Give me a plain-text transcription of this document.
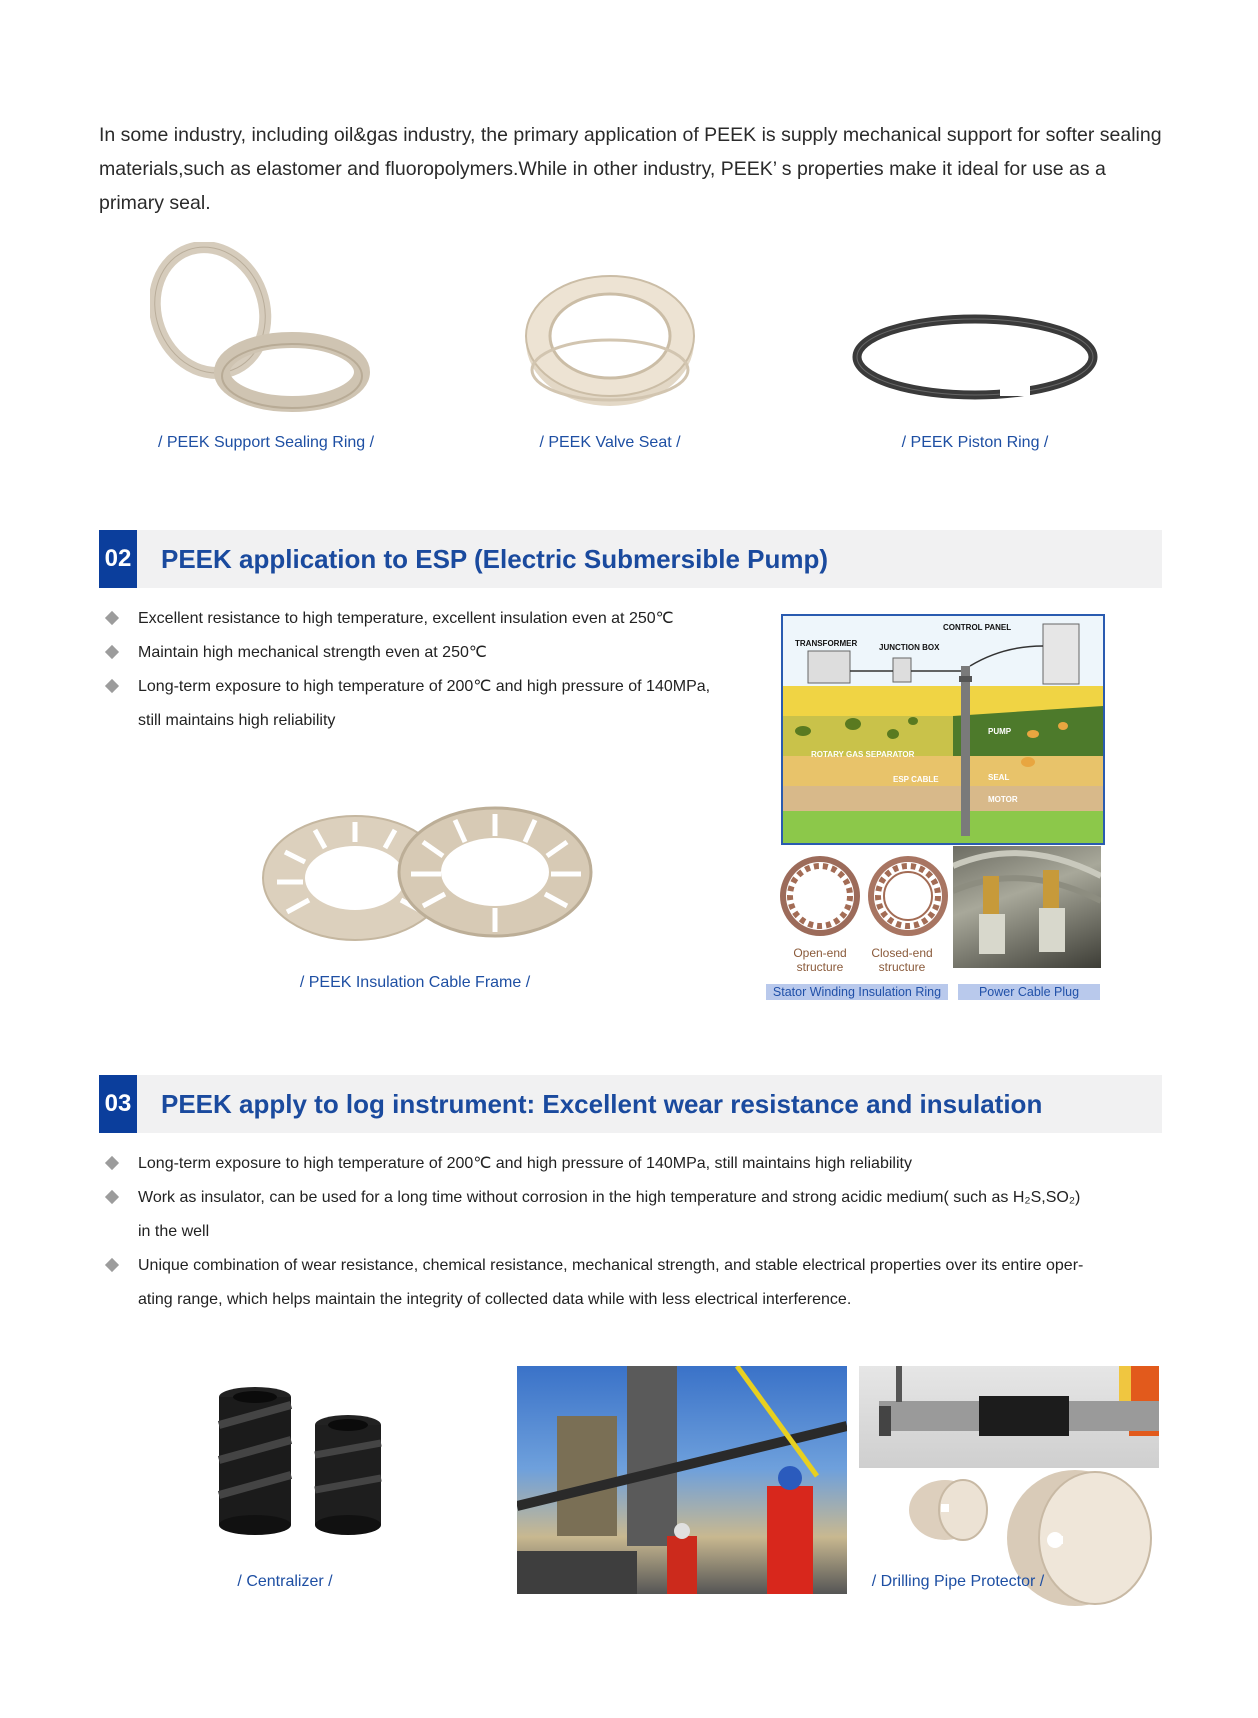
In some industry, including oil&gas industry, the primary application of PEEK is supply mechanical support for softer sealing materials,such as elastomer and fluoropolymers.While in other industry, PEEK’ s properties make it ideal for use as a primary seal.
/ PEEK Support Sealing Ring /	/ PEEK Valve Seat /	/ PEEK Piston Ring /
02 PEEK application to ESP (Electric Submersible Pump)
Excellent resistance to high temperature, excellent insulation even at 250℃
Maintain high mechanical strength even at 250℃
Long-term exposure to high temperature of 200℃ and high pressure of 140MPa,
still maintains high reliability
/ PEEK Insulation Cable Frame /
CONTROL PANEL
TRANSFORMER	JUNCTION BOX
PUMP
ROTARY GAS SEPARATOR
ESP CABLE	SEAL
MOTOR
Open-end structure
Closed-end structure
Stator Winding Insulation Ring	Power Cable Plug
03 PEEK apply to log instrument: Excellent wear resistance and insulation
Long-term exposure to high temperature of 200℃ and high pressure of 140MPa, still maintains high reliability
Work as insulator, can be used for a long time without corrosion in the high temperature and strong acidic medium( such as H₂S,SO₂)
in the well
Unique combination of wear resistance, chemical resistance, mechanical strength, and stable electrical properties over its entire oper-
ating range, which helps maintain the integrity of collected data while with less electrical interference.
/ Centralizer /	/ Drilling Pipe Protector /
